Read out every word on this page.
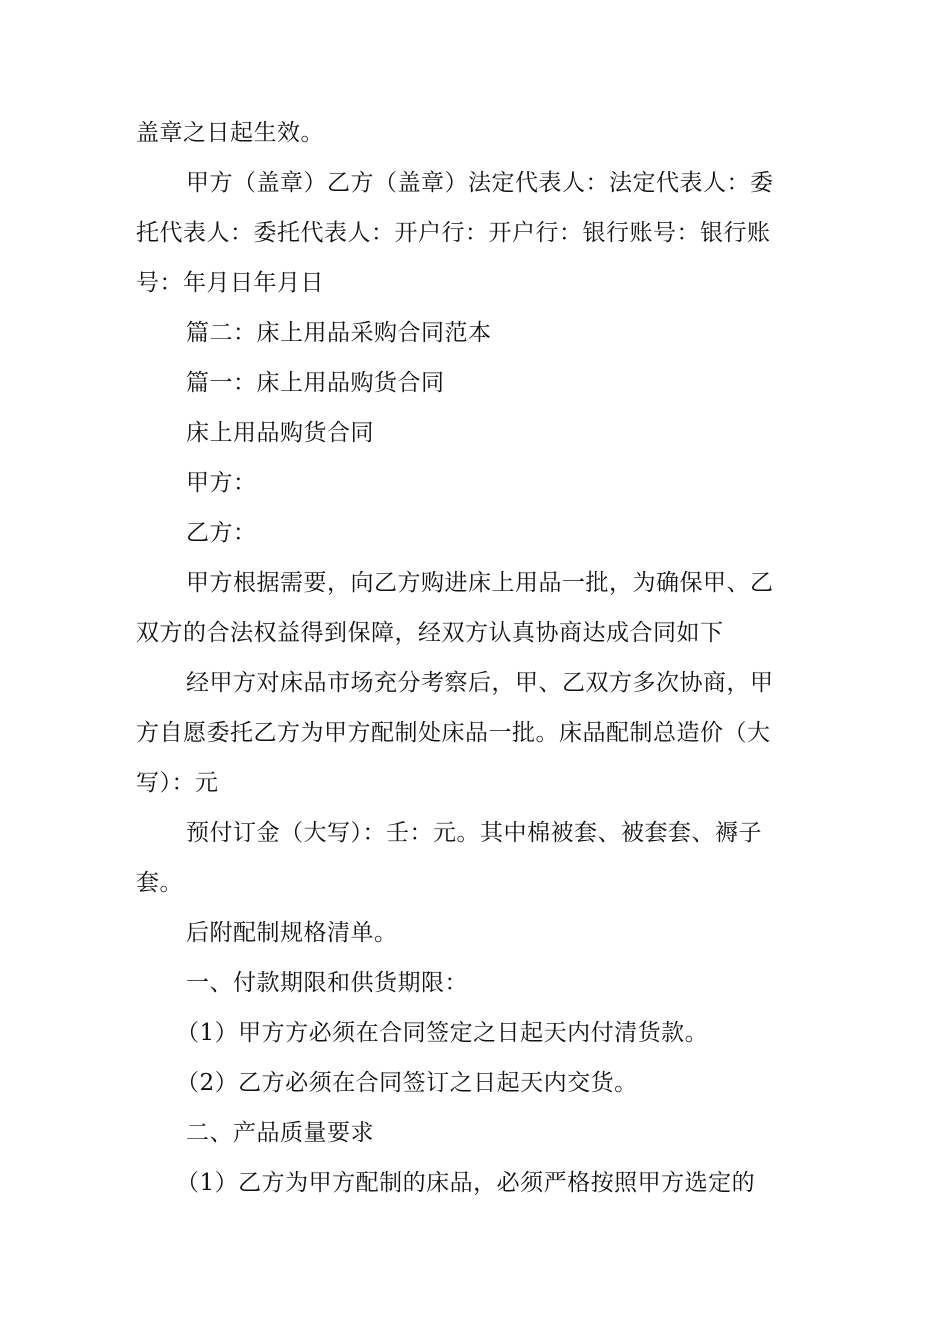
盖章之日起生效。
甲方（盖章）乙方（盖章）法定代表人：法定代表人：委
托代表人：委托代表人：开户行：开户行：银行账号：银行账
号：年月日年月日
篇二：床上用品采购合同范本
篇一：床上用品购货合同
床上用品购货合同
甲方：
乙方：
甲方根据需要，向乙方购进床上用品一批，为确保甲、乙
双方的合法权益得到保障，经双方认真协商达成合同如下
经甲方对床品市场充分考察后，甲、乙双方多次协商，甲
方自愿委托乙方为甲方配制处床品一批。床品配制总造价（大
写）：元
预付订金（大写）：壬：元。其中棉被套、被套套、褥子
套。
后附配制规格清单。
一、付款期限和供货期限：
（1）甲方方必须在合同签定之日起天内付清货款。
（2）乙方必须在合同签订之日起天内交货。
二、产品质量要求
（1）乙方为甲方配制的床品，必须严格按照甲方选定的
